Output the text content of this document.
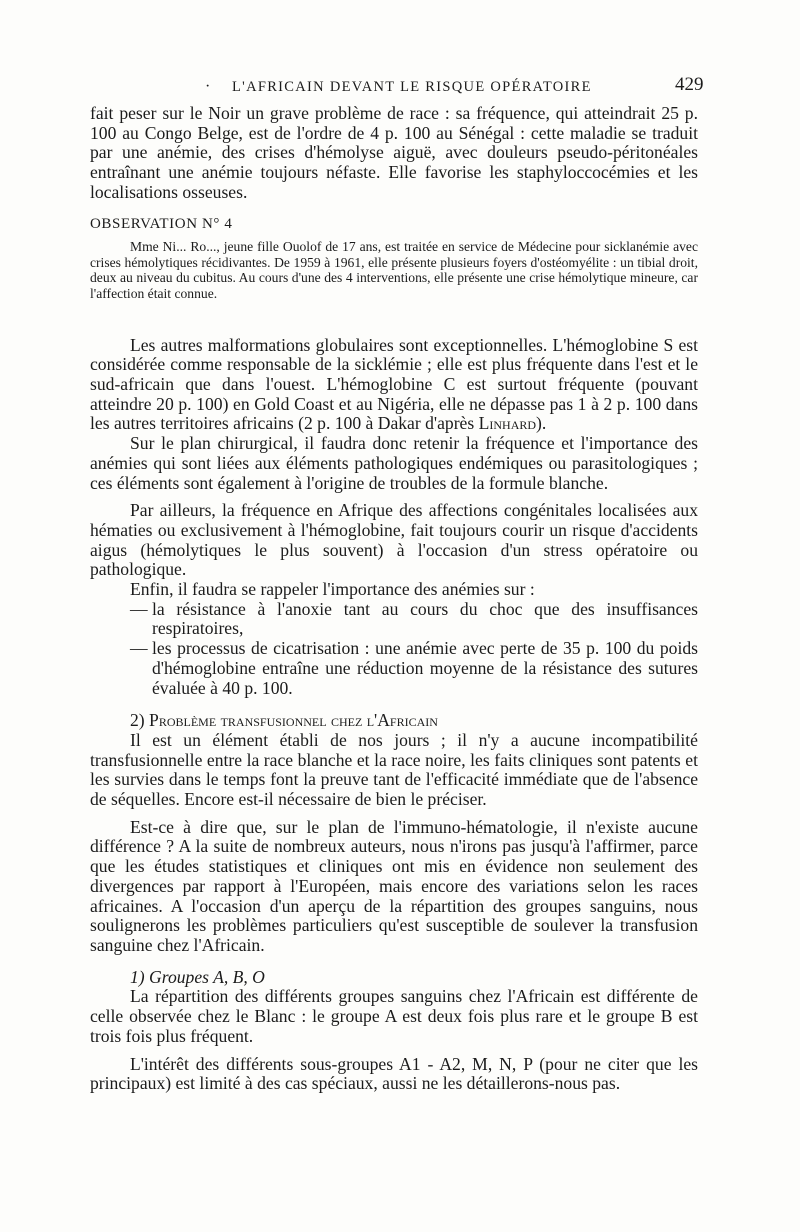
· L'AFRICAIN DEVANT LE RISQUE OPÉRATOIRE	429

fait peser sur le Noir un grave problème de race : sa fréquence, qui atteindrait 25 p. 100 au Congo Belge, est de l'ordre de 4 p. 100 au Sénégal : cette maladie se traduit par une anémie, des crises d'hémolyse aiguë, avec douleurs pseudo-péritonéales entraînant une anémie toujours néfaste. Elle favorise les staphyloccocémies et les localisations osseuses.

OBSERVATION N° 4

Mme Ni... Ro..., jeune fille Ouolof de 17 ans, est traitée en service de Médecine pour sicklanémie avec crises hémolytiques récidivantes. De 1959 à 1961, elle présente plusieurs foyers d'ostéomyélite : un tibial droit, deux au niveau du cubitus. Au cours d'une des 4 interventions, elle présente une crise hémolytique mineure, car l'affection était connue.

Les autres malformations globulaires sont exceptionnelles. L'hémoglobine S est considérée comme responsable de la sicklémie ; elle est plus fréquente dans l'est et le sud-africain que dans l'ouest. L'hémoglobine C est surtout fréquente (pouvant atteindre 20 p. 100) en Gold Coast et au Nigéria, elle ne dépasse pas 1 à 2 p. 100 dans les autres territoires africains (2 p. 100 à Dakar d'après Linhard).

Sur le plan chirurgical, il faudra donc retenir la fréquence et l'importance des anémies qui sont liées aux éléments pathologiques endémiques ou parasitologiques ; ces éléments sont également à l'origine de troubles de la formule blanche.

Par ailleurs, la fréquence en Afrique des affections congénitales localisées aux hématies ou exclusivement à l'hémoglobine, fait toujours courir un risque d'accidents aigus (hémolytiques le plus souvent) à l'occasion d'un stress opératoire ou pathologique.

Enfin, il faudra se rappeler l'importance des anémies sur :

— la résistance à l'anoxie tant au cours du choc que des insuffisances respiratoires,

— les processus de cicatrisation : une anémie avec perte de 35 p. 100 du poids d'hémoglobine entraîne une réduction moyenne de la résistance des sutures évaluée à 40 p. 100.

2) Problème transfusionnel chez l'Africain

Il est un élément établi de nos jours ; il n'y a aucune incompatibilité transfusionnelle entre la race blanche et la race noire, les faits cliniques sont patents et les survies dans le temps font la preuve tant de l'efficacité immédiate que de l'absence de séquelles. Encore est-il nécessaire de bien le préciser.

Est-ce à dire que, sur le plan de l'immuno-hématologie, il n'existe aucune différence ? A la suite de nombreux auteurs, nous n'irons pas jusqu'à l'affirmer, parce que les études statistiques et cliniques ont mis en évidence non seulement des divergences par rapport à l'Européen, mais encore des variations selon les races africaines. A l'occasion d'un aperçu de la répartition des groupes sanguins, nous soulignerons les problèmes particuliers qu'est susceptible de soulever la transfusion sanguine chez l'Africain.

1) Groupes A, B, O

La répartition des différents groupes sanguins chez l'Africain est différente de celle observée chez le Blanc : le groupe A est deux fois plus rare et le groupe B est trois fois plus fréquent.

L'intérêt des différents sous-groupes A1 - A2, M, N, P (pour ne citer que les principaux) est limité à des cas spéciaux, aussi ne les détaillerons-nous pas.
